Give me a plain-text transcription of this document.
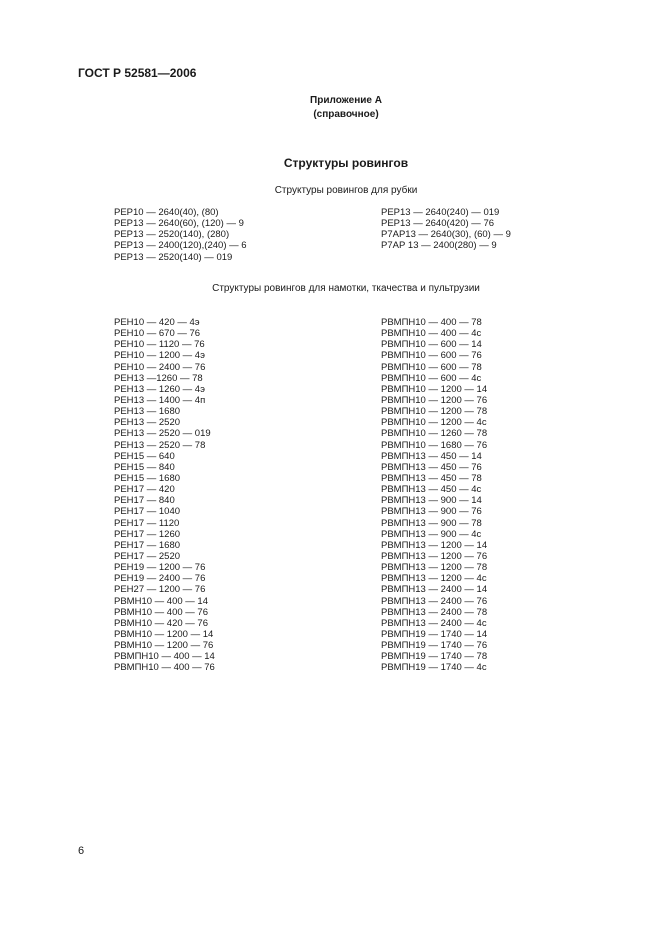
ГОСТ Р 52581—2006
Приложение А
(справочное)
Структуры ровингов
Структуры ровингов для рубки
РЕР10 — 2640(40), (80)
РЕР13 — 2640(60), (120) — 9
РЕР13 — 2520(140), (280)
РЕР13 — 2400(120),(240) — 6
РЕР13 — 2520(140) — 019
РЕР13 — 2640(240) — 019
РЕР13 — 2640(420) — 76
Р7АР13 — 2640(30), (60) — 9
Р7АР 13 — 2400(280) — 9
Структуры ровингов для намотки, ткачества и пультрузии
РЕН10 — 420 — 4э
РЕН10 — 670 — 76
РЕН10 — 1120 — 76
РЕН10 — 1200 — 4э
РЕН10 — 2400 — 76
РЕН13 —1260 — 78
РЕН13 — 1260 — 4э
РЕН13 — 1400 — 4п
РЕН13 — 1680
РЕН13 — 2520
РЕН13 — 2520 — 019
РЕН13 — 2520 — 78
РЕН15 — 640
РЕН15 — 840
РЕН15 — 1680
РЕН17 — 420
РЕН17 — 840
РЕН17 — 1040
РЕН17 — 1120
РЕН17 — 1260
РЕН17 — 1680
РЕН17 — 2520
РЕН19 — 1200 — 76
РЕН19 — 2400 — 76
РЕН27 — 1200 — 76
РВМН10 — 400 — 14
РВМН10 — 400 — 76
РВМН10 — 420 — 76
РВМН10 — 1200 — 14
РВМН10 — 1200 — 76
РВМПН10 — 400 — 14
РВМПН10 — 400 — 76
РВМПН10 — 400 — 78
РВМПН10 — 400 — 4с
РВМПН10 — 600 — 14
РВМПН10 — 600 — 76
РВМПН10 — 600 — 78
РВМПН10 — 600 — 4с
РВМПН10 — 1200 — 14
РВМПН10 — 1200 — 76
РВМПН10 — 1200 — 78
РВМПН10 — 1200 — 4с
РВМПН10 — 1260 — 78
РВМПН10 — 1680 — 76
РВМПН13 — 450 — 14
РВМПН13 — 450 — 76
РВМПН13 — 450 — 78
РВМПН13 — 450 — 4с
РВМПН13 — 900 — 14
РВМПН13 — 900 — 76
РВМПН13 — 900 — 78
РВМПН13 — 900 — 4с
РВМПН13 — 1200 — 14
РВМПН13 — 1200 — 76
РВМПН13 — 1200 — 78
РВМПН13 — 1200 — 4с
РВМПН13 — 2400 — 14
РВМПН13 — 2400 — 76
РВМПН13 — 2400 — 78
РВМПН13 — 2400 — 4с
РВМПН19 — 1740 — 14
РВМПН19 — 1740 — 76
РВМПН19 — 1740 — 78
РВМПН19 — 1740 — 4с
6
